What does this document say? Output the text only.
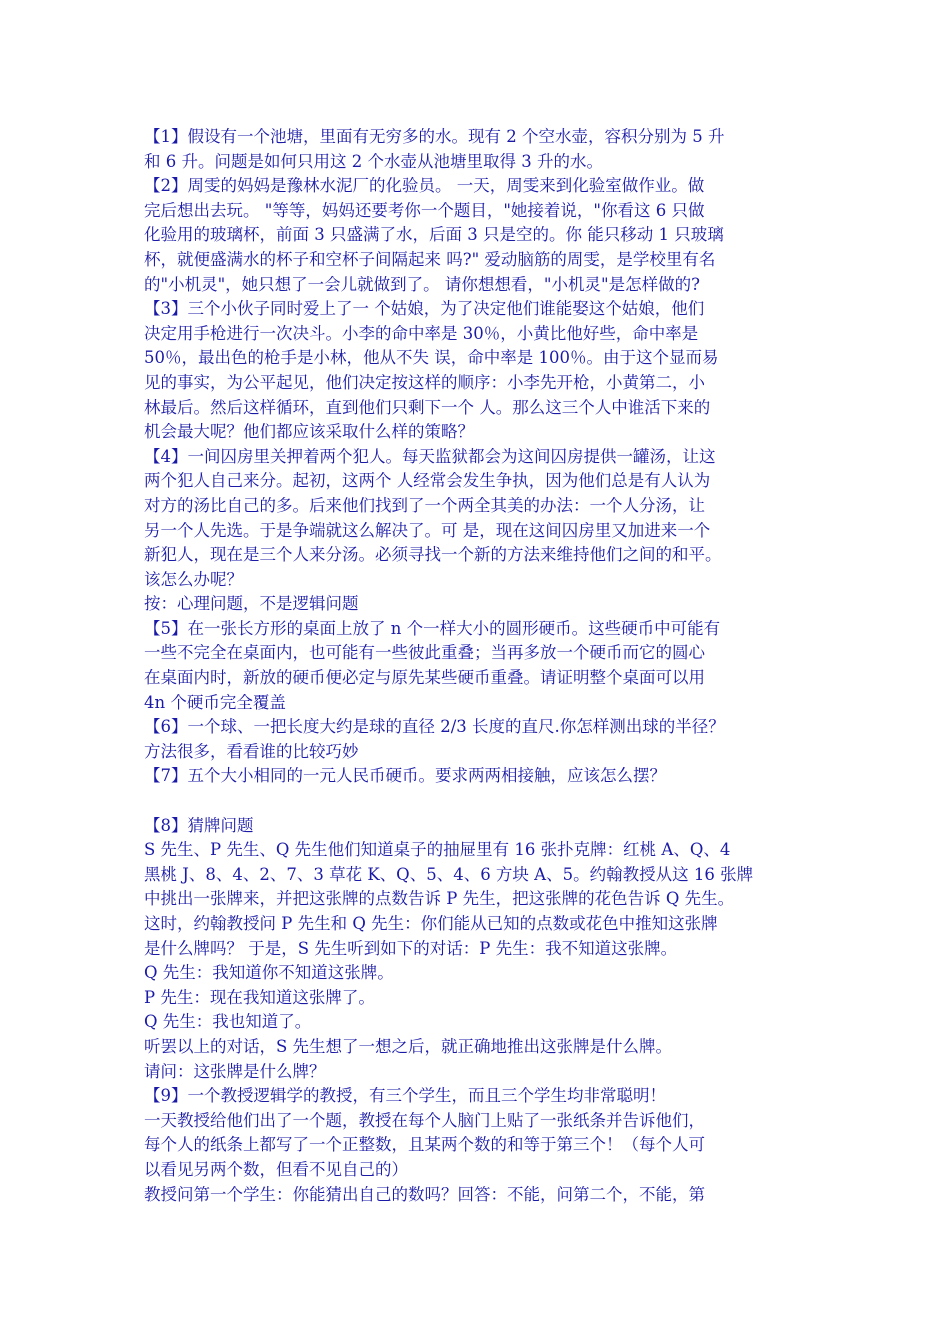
【1】假设有一个池塘，里面有无穷多的水。现有 2 个空水壶，容积分别为 5 升
和 6 升。问题是如何只用这 2 个水壶从池塘里取得 3 升的水。
【2】周雯的妈妈是豫林水泥厂的化验员。 一天，周雯来到化验室做作业。做
完后想出去玩。 "等等，妈妈还要考你一个题目，"她接着说，"你看这 6 只做
化验用的玻璃杯，前面 3 只盛满了水，后面 3 只是空的。你 能只移动 1 只玻璃
杯，就便盛满水的杯子和空杯子间隔起来 吗?" 爱动脑筋的周雯，是学校里有名
的"小机灵"，她只想了一会儿就做到了。 请你想想看，"小机灵"是怎样做的?
【3】三个小伙子同时爱上了一 个姑娘，为了决定他们谁能娶这个姑娘，他们
决定用手枪进行一次决斗。小李的命中率是 30％，小黄比他好些，命中率是
50％，最出色的枪手是小林，他从不失 误，命中率是 100％。由于这个显而易
见的事实，为公平起见，他们决定按这样的顺序：小李先开枪，小黄第二，小
林最后。然后这样循环，直到他们只剩下一个 人。那么这三个人中谁活下来的
机会最大呢？他们都应该采取什么样的策略？
【4】一间囚房里关押着两个犯人。每天监狱都会为这间囚房提供一罐汤，让这
两个犯人自己来分。起初，这两个 人经常会发生争执，因为他们总是有人认为
对方的汤比自己的多。后来他们找到了一个两全其美的办法：一个人分汤，让
另一个人先选。于是争端就这么解决了。可 是，现在这间囚房里又加进来一个
新犯人，现在是三个人来分汤。必须寻找一个新的方法来维持他们之间的和平。
该怎么办呢？
按：心理问题，不是逻辑问题
【5】在一张长方形的桌面上放了 n 个一样大小的圆形硬币。这些硬币中可能有
一些不完全在桌面内，也可能有一些彼此重叠；当再多放一个硬币而它的圆心
在桌面内时，新放的硬币便必定与原先某些硬币重叠。请证明整个桌面可以用
4n 个硬币完全覆盖
【6】一个球、一把长度大约是球的直径 2/3 长度的直尺.你怎样测出球的半径？
方法很多，看看谁的比较巧妙
【7】五个大小相同的一元人民币硬币。要求两两相接触，应该怎么摆？
【8】猜牌问题
S 先生、P 先生、Q 先生他们知道桌子的抽屉里有 16 张扑克牌：红桃 A、Q、4
黑桃 J、8、4、2、7、3 草花 K、Q、5、4、6 方块 A、5。约翰教授从这 16 张牌
中挑出一张牌来，并把这张牌的点数告诉 P 先生，把这张牌的花色告诉 Q 先生。
这时，约翰教授问 P 先生和 Q 先生：你们能从已知的点数或花色中推知这张牌
是什么牌吗？ 于是，S 先生听到如下的对话：P 先生：我不知道这张牌。
Q 先生：我知道你不知道这张牌。
P 先生：现在我知道这张牌了。
Q 先生：我也知道了。
听罢以上的对话，S 先生想了一想之后，就正确地推出这张牌是什么牌。
请问：这张牌是什么牌？
【9】一个教授逻辑学的教授，有三个学生，而且三个学生均非常聪明！
一天教授给他们出了一个题，教授在每个人脑门上贴了一张纸条并告诉他们，
每个人的纸条上都写了一个正整数，且某两个数的和等于第三个！（每个人可
以看见另两个数，但看不见自己的）
教授问第一个学生：你能猜出自己的数吗？回答：不能，问第二个，不能，第
